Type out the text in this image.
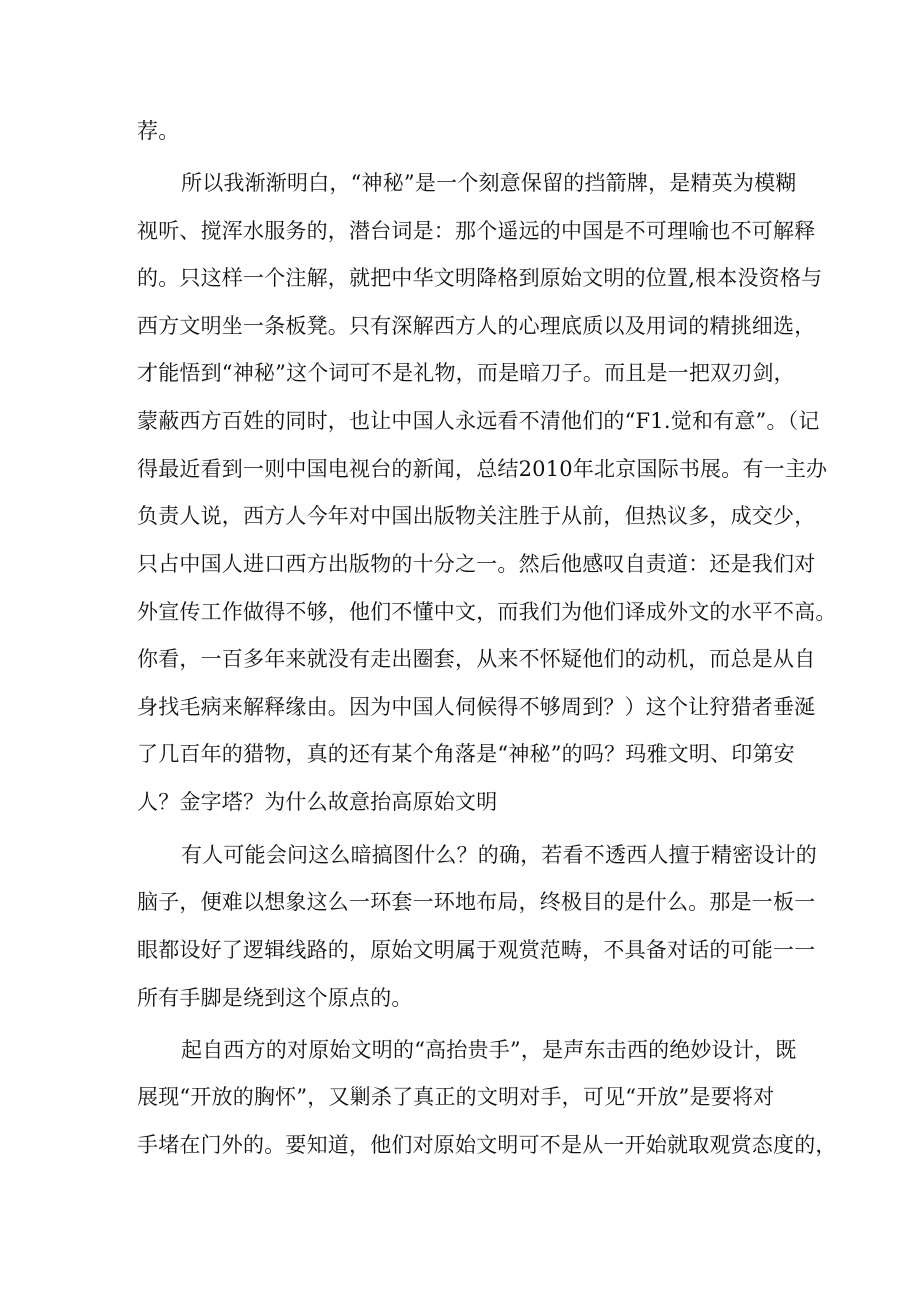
荐。

所以我渐渐明白，“神秘”是一个刻意保留的挡箭牌，是精英为模糊

视听、搅浑水服务的，潜台词是：那个遥远的中国是不可理喻也不可解释

的。只这样一个注解，就把中华文明降格到原始文明的位置,根本没资格与

西方文明坐一条板凳。只有深解西方人的心理底质以及用词的精挑细选，

才能悟到“神秘”这个词可不是礼物，而是暗刀子。而且是一把双刃剑，

蒙蔽西方百姓的同时，也让中国人永远看不清他们的“F1.觉和有意”。（记

得最近看到一则中国电视台的新闻，总结2010年北京国际书展。有一主办

负责人说，西方人今年对中国出版物关注胜于从前，但热议多，成交少，

只占中国人进口西方出版物的十分之一。然后他感叹自责道：还是我们对

外宣传工作做得不够，他们不懂中文，而我们为他们译成外文的水平不高。

你看，一百多年来就没有走出圈套，从来不怀疑他们的动机，而总是从自

身找毛病来解释缘由。因为中国人伺候得不够周到？）这个让狩猎者垂涎

了几百年的猎物，真的还有某个角落是“神秘”的吗？玛雅文明、印第安

人？金字塔？为什么故意抬高原始文明

有人可能会问这么暗搞图什么？的确，若看不透西人擅于精密设计的

脑子，便难以想象这么一环套一环地布局，终极目的是什么。那是一板一

眼都设好了逻辑线路的，原始文明属于观赏范畴，不具备对话的可能一一

所有手脚是绕到这个原点的。

起自西方的对原始文明的“高抬贵手”，是声东击西的绝妙设计，既

展现“开放的胸怀”，又剿杀了真正的文明对手，可见“开放”是要将对

手堵在门外的。要知道，他们对原始文明可不是从一开始就取观赏态度的，
